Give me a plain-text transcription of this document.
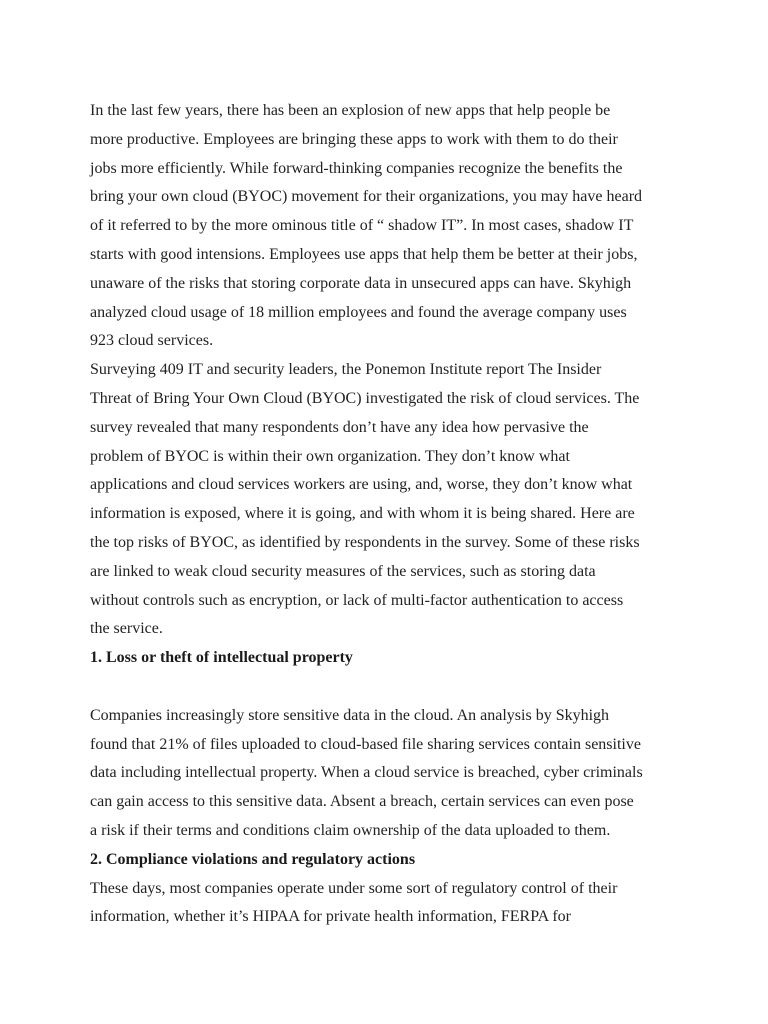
In the last few years, there has been an explosion of new apps that help people be
more productive. Employees are bringing these apps to work with them to do their
jobs more efficiently. While forward-thinking companies recognize the benefits the
bring your own cloud (BYOC) movement for their organizations, you may have heard
of it referred to by the more ominous title of “ shadow IT”. In most cases, shadow IT
starts with good intensions. Employees use apps that help them be better at their jobs,
unaware of the risks that storing corporate data in unsecured apps can have. Skyhigh
analyzed cloud usage of 18 million employees and found the average company uses
923 cloud services.

Surveying 409 IT and security leaders, the Ponemon Institute report The Insider
Threat of Bring Your Own Cloud (BYOC) investigated the risk of cloud services. The
survey revealed that many respondents don’t have any idea how pervasive the
problem of BYOC is within their own organization. They don’t know what
applications and cloud services workers are using, and, worse, they don’t know what
information is exposed, where it is going, and with whom it is being shared. Here are
the top risks of BYOC, as identified by respondents in the survey. Some of these risks
are linked to weak cloud security measures of the services, such as storing data
without controls such as encryption, or lack of multi-factor authentication to access
the service.

1. Loss or theft of intellectual property

Companies increasingly store sensitive data in the cloud. An analysis by Skyhigh
found that 21% of files uploaded to cloud-based file sharing services contain sensitive
data including intellectual property. When a cloud service is breached, cyber criminals
can gain access to this sensitive data. Absent a breach, certain services can even pose
a risk if their terms and conditions claim ownership of the data uploaded to them.

2. Compliance violations and regulatory actions

These days, most companies operate under some sort of regulatory control of their
information, whether it’s HIPAA for private health information, FERPA for
